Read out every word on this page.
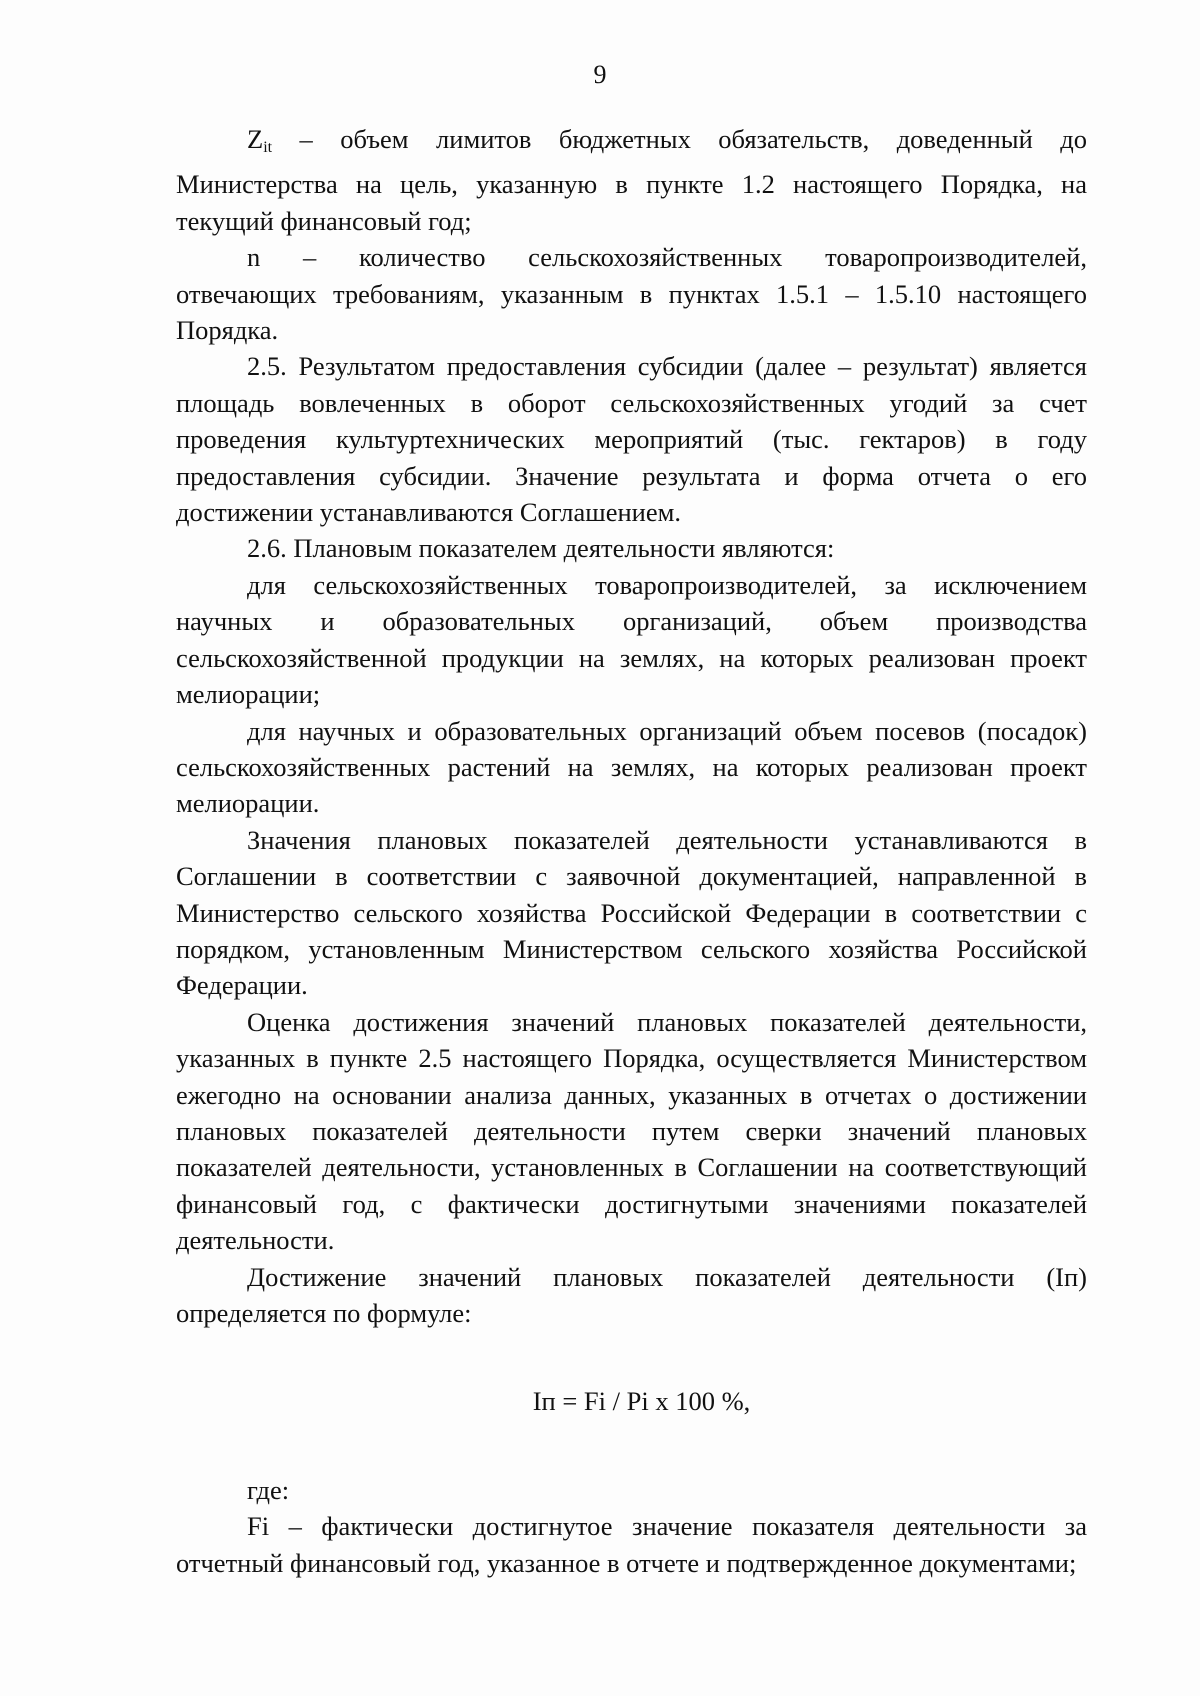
9

$Z_{it}$ – объем лимитов бюджетных обязательств, доведенный до Министерства на цель, указанную в пункте 1.2 настоящего Порядка, на текущий финансовый год;

n – количество сельскохозяйственных товаропроизводителей, отвечающих требованиям, указанным в пунктах 1.5.1 – 1.5.10 настоящего Порядка.

2.5. Результатом предоставления субсидии (далее – результат) является площадь вовлеченных в оборот сельскохозяйственных угодий за счет проведения культуртехнических мероприятий (тыс. гектаров) в году предоставления субсидии. Значение результата и форма отчета о его достижении устанавливаются Соглашением.

2.6. Плановым показателем деятельности являются:

для сельскохозяйственных товаропроизводителей, за исключением научных и образовательных организаций, объем производства сельскохозяйственной продукции на землях, на которых реализован проект мелиорации;

для научных и образовательных организаций объем посевов (посадок) сельскохозяйственных растений на землях, на которых реализован проект мелиорации.

Значения плановых показателей деятельности устанавливаются в Соглашении в соответствии с заявочной документацией, направленной в Министерство сельского хозяйства Российской Федерации в соответствии с порядком, установленным Министерством сельского хозяйства Российской Федерации.

Оценка достижения значений плановых показателей деятельности, указанных в пункте 2.5 настоящего Порядка, осуществляется Министерством ежегодно на основании анализа данных, указанных в отчетах о достижении плановых показателей деятельности путем сверки значений плановых показателей деятельности, установленных в Соглашении на соответствующий финансовый год, с фактически достигнутыми значениями показателей деятельности.

Достижение значений плановых показателей деятельности (Iп) определяется по формуле:

Iп = Fi / Pi x 100 %,

где:

Fi – фактически достигнутое значение показателя деятельности за отчетный финансовый год, указанное в отчете и подтвержденное документами;
